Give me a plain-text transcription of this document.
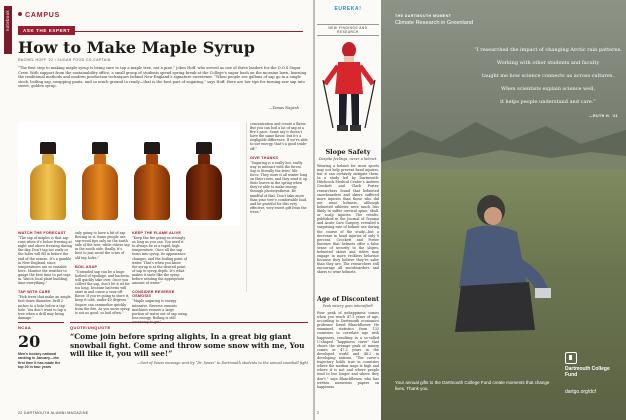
notebook	CAMPUS
ASK THE EXPERT
How to Make Maple Syrup
RACHEL HOFF '22 / SUGAR FOOD CO-CAPTAIN

“The first step to making maple syrup is being sure to tap a maple tree, not a pine,” jokes Hoff, who served as one of three leaders for the D.O.S Sugar Crew. With support from the sustainability office, a small group of students spend spring break at the College’s sugar bush on the moraine lawn, learning the traditional methods and modern production techniques behind New England’s signature sweetener. “When people see gallons of sap go in a single stock, boiling sap, swapping pants, and so much ground to ready—that is the best part of sugaring,” says Hoff. Here are her tips for turning raw sap into sweet, golden syrup.

—Tamas Nagesh
WATCH THE FORECAST

“The sap of maples is that sap runs when it’s below freezing at night and above freezing during the day. Don’t tap too early or the holes will fill in before the end of the season. It’s a gamble in New England, since temperatures are so variable here. Monitor the weather to gauge the best time to put taps in. Watch local plant budding, time everything.”

TAP WITH CARE

“Pick trees that make an ample, foot-down diameter. Drill 2 inches to a hole below a tap hole. You don’t want to tap a tree when a drill may bring damage.”

only going to have a bit of sap flowing in it. Some people use sap-wood tips only on the north side of the tree, while others tap in the south side. Really, it’s best to just avoid the scars of old tap holes.”

BOIL ASAP

“Untended sap can be a huge hotbed of spoilage, and bacteria will quickly take over. Once you collect the sap, don’t let it sit for too long, because bacteria will start in and cause a sour off-flavor. If you’re going to store it, keep it cold, under 40 degrees.” Sugars can caramelize quickly from the fire. As you move syrup is not as good, so boil often.”

KEEP THE FLAME ALIVE

“Keep the fire going as strongly as long as you can. You need it to always be at a rapid, high temperature. Once all the sap turns into syrup, its appearance changes, and the boiling point of water. That’s when you know the syrup is at the desired point of sap to syrup depth. It’s what makes it taste like the syrup before sending the appropriate amount of water.”

CONSIDER REVERSE OSMOSIS

“Maple sugaring is energy intensive. Reverse osmosis machines remove a large portion of water out of sap using less energy. Boiling is still necessary to get”

concentration and create a flavor. But you can boil a lot of sap at a fire’s pace. Some say it doesn’t have the same flavor, but it’s a negligible difference. If we’re able to use energy, that’s a good trade-off.”

GIVE THANKS

“Sugaring is a really hot, really way to interact with the forest. Sap is literally the trees’ life force. They store it all winter long on their roots, and they send it up their leaves in the spring when they’re able to make energy through photosynthesis. Be mindful of that. Don’t take more than your tree’s comfortable load, and be grateful for this very effective, very sweet gift from the trees.”

NCAA
20
Men’s hockey national ranking in January—the first time it has made the top 20 in four years
QUOTE/UNQUOTE
“Come join before spring alights, In a great big giant snowball fight. Come and throw some snow with me, You will like it, you will see!”
—Sort of Seuss message sent by “Dr. Seuss” to Dartmouth students to the annual snowball fight
22 DARTMOUTH ALUMNI MAGAZINE
EUREKA!
NEW FINDINGS AND RESEARCH
Slope Safety
Despite feelings, never a helmet.
Wearing a helmet for snow sports may not help prevent head injuries, but it can certainly mitigate them. In a study led by Dartmouth-Hitchcock Medical Center’s Andrew Crockett and Clark Porter, researchers found that helmeted snowboarders and skiers suffered more injuries than those who did not wear helmets, although helmeted athletes were much less likely to suffer cervical spine, skull, or scalp injuries. The results, published in the Journal of Trauma and Acute Care Surgery, revealed a surprising rate of helmet use during the course of the study—but a decrease in head injuries of only 8 percent. Crockett and Porter theorize that helmets offer a false sense of security to the slopes, helmeted skiers and riders may engage in more reckless behavior because they believe they’re safer than they are. The researchers still encourage all snowboarders and skiers to wear helmets.
Age of Discontent
Peak misery goes intensified!
Four peak of unhappiness comes when you reach 47.2 years of age, according to Dartmouth economics professor David Blanchflower. He examined statistics from 132 countries to correlate age with happiness, resulting in a so-called U-shaped “happiness curve” that shows the average peak of misery comes at 47.2 years in the developed world and 48.2 in developing nations. “The curve’s trajectory holds true in countries where the median wage is high and where it is not and where people tend to live longer and where they don’t,” says Blanchflower, who has written numerous papers on happiness.
2
THE DARTMOUTH MOMENT
Climate Research in Greenland
“I researched the impact of changing Arctic rain patterns.
Working with other students and faculty
taught me how science connects us across cultures.
When scientists explain science well,
it helps people understand and care.”
—RUTH H. ’21
Dartmouth College Fund
Your annual gifts to the Dartmouth College Fund create moments that change lives. Thank you.
dartgo.org/dcf
